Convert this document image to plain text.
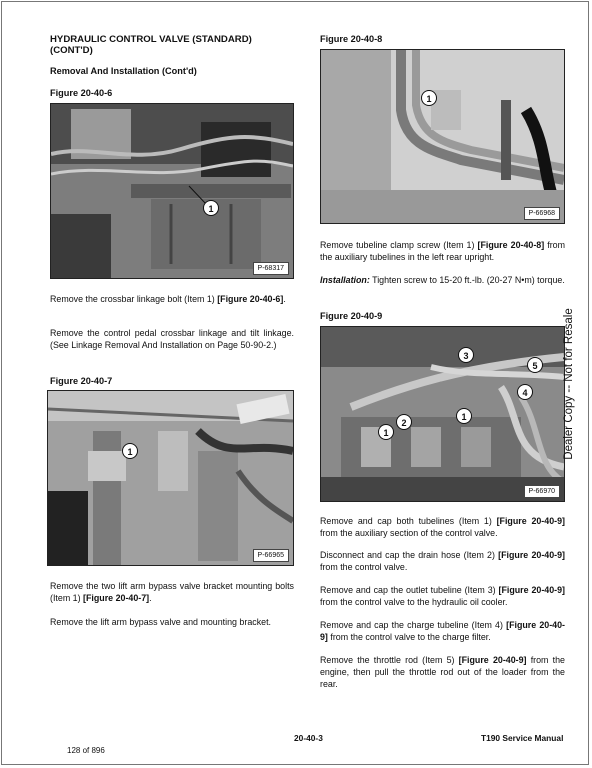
HYDRAULIC CONTROL VALVE (STANDARD) (CONT'D)
Removal And Installation (Cont'd)
Figure 20-40-6
1
P-68317
Remove the crossbar linkage bolt (Item 1) [Figure 20-40-6].
Remove the control pedal crossbar linkage and tilt linkage. (See Linkage Removal And Installation on Page 50-90-2.)
Figure 20-40-7
1
P-66965
Remove the two lift arm bypass valve bracket mounting bolts (Item 1) [Figure 20-40-7].
Remove the lift arm bypass valve and mounting bracket.
Figure 20-40-8
1
P-66968
Remove tubeline clamp screw (Item 1) [Figure 20-40-8] from the auxiliary tubelines in the left rear upright.
Installation: Tighten screw to 15-20 ft.-lb. (20-27 N•m) torque.
Figure 20-40-9
3
5
4
2
1
1
P-66970
Remove and cap both tubelines (Item 1) [Figure 20-40-9] from the auxiliary section of the control valve.
Disconnect and cap the drain hose (Item 2) [Figure 20-40-9] from the control valve.
Remove and cap the outlet tubeline (Item 3) [Figure 20-40-9] from the control valve to the hydraulic oil cooler.
Remove and cap the charge tubeline (Item 4) [Figure 20-40-9] from the control valve to the charge filter.
Remove the throttle rod (Item 5) [Figure 20-40-9] from the engine, then pull the throttle rod out of the loader from the rear.
Dealer Copy -- Not for Resale
20-40-3	T190 Service Manual
128 of 896
